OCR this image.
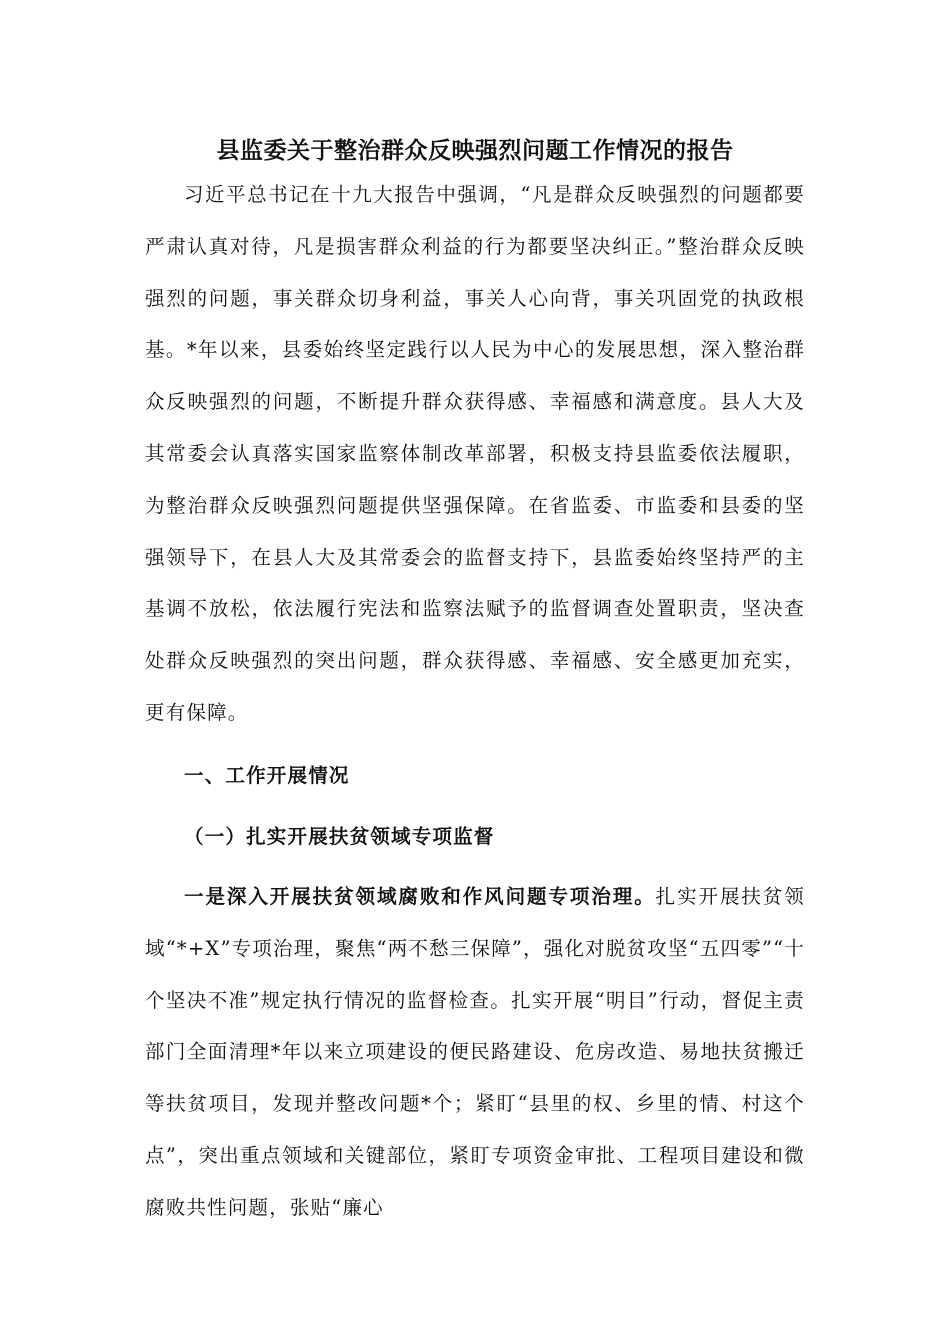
县监委关于整治群众反映强烈问题工作情况的报告

习近平总书记在十九大报告中强调，“凡是群众反映强烈的问题都要严肃认真对待，凡是损害群众利益的行为都要坚决纠正。”整治群众反映强烈的问题，事关群众切身利益，事关人心向背，事关巩固党的执政根基。*年以来，县委始终坚定践行以人民为中心的发展思想，深入整治群众反映强烈的问题，不断提升群众获得感、幸福感和满意度。县人大及其常委会认真落实国家监察体制改革部署，积极支持县监委依法履职，为整治群众反映强烈问题提供坚强保障。在省监委、市监委和县委的坚强领导下，在县人大及其常委会的监督支持下，县监委始终坚持严的主基调不放松，依法履行宪法和监察法赋予的监督调查处置职责，坚决查处群众反映强烈的突出问题，群众获得感、幸福感、安全感更加充实，更有保障。

一、工作开展情况
（一）扎实开展扶贫领域专项监督

一是深入开展扶贫领域腐败和作风问题专项治理。扎实开展扶贫领域“*+X”专项治理，聚焦“两不愁三保障”，强化对脱贫攻坚“五四零”“十个坚决不准”规定执行情况的监督检查。扎实开展“明目”行动，督促主责部门全面清理*年以来立项建设的便民路建设、危房改造、易地扶贫搬迁等扶贫项目，发现并整改问题*个；紧盯“县里的权、乡里的情、村这个点”，突出重点领域和关键部位，紧盯专项资金审批、工程项目建设和微腐败共性问题，张贴“廉心
